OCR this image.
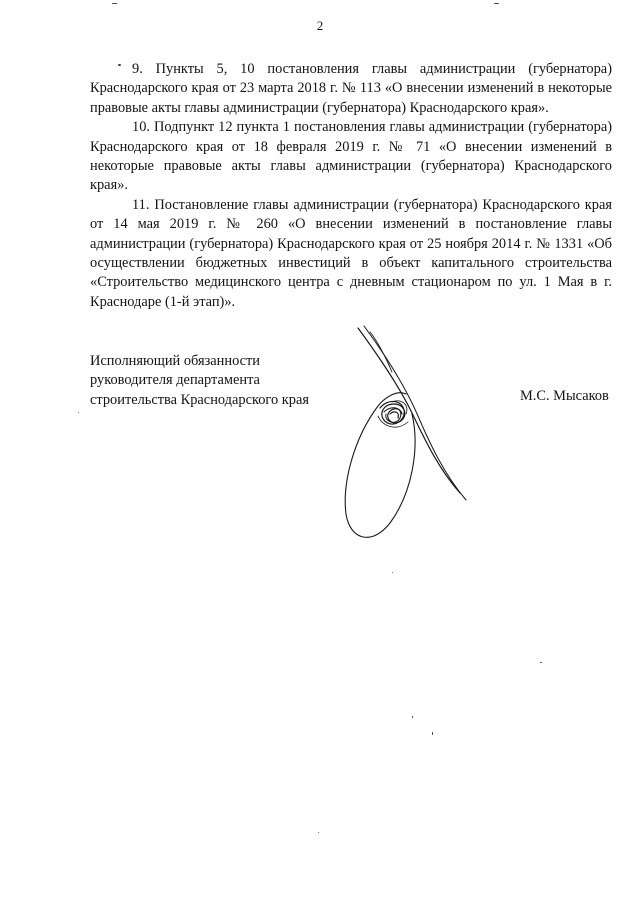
2

9. Пункты 5, 10 постановления главы администрации (губернатора) Краснодарского края от 23 марта 2018 г. № 113 «О внесении изменений в некоторые правовые акты главы администрации (губернатора) Краснодарского края».

10. Подпункт 12 пункта 1 постановления главы администрации (губернатора) Краснодарского края от 18 февраля 2019 г. № 71 «О внесении изменений в некоторые правовые акты главы администрации (губернатора) Краснодарского края».

11. Постановление главы администрации (губернатора) Краснодарского края от 14 мая 2019 г. № 260 «О внесении изменений в постановление главы администрации (губернатора) Краснодарского края от 25 ноября 2014 г. № 1331 «Об осуществлении бюджетных инвестиций в объект капитального строительства «Строительство медицинского центра с дневным стационаром по ул. 1 Мая в г. Краснодаре (1-й этап)».

Исполняющий обязанности
руководителя департамента
строительства Краснодарского края	М.С. Мысаков
